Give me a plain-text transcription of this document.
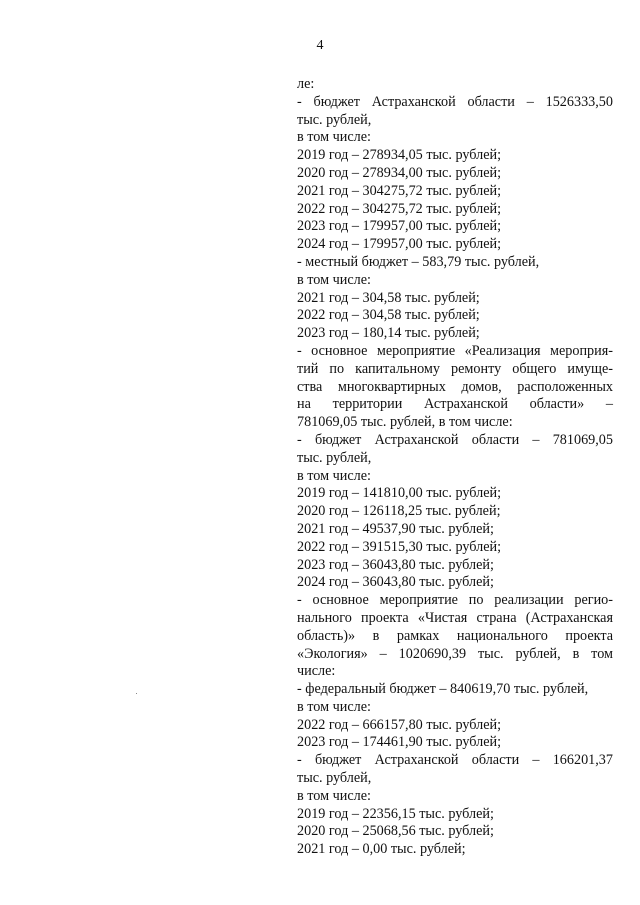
4
ле:
- бюджет Астраханской области – 1526333,50
тыс. рублей,
в том числе:
2019 год – 278934,05 тыс. рублей;
2020 год – 278934,00 тыс. рублей;
2021 год – 304275,72 тыс. рублей;
2022 год – 304275,72 тыс. рублей;
2023 год – 179957,00 тыс. рублей;
2024 год – 179957,00 тыс. рублей;
- местный бюджет – 583,79 тыс. рублей,
в том числе:
2021 год – 304,58 тыс. рублей;
2022 год – 304,58 тыс. рублей;
2023 год – 180,14 тыс. рублей;
- основное мероприятие «Реализация мероприя-
тий по капитальному ремонту общего имуще-
ства многоквартирных домов, расположенных
на территории Астраханской области» –
781069,05 тыс. рублей, в том числе:
- бюджет Астраханской области – 781069,05
тыс. рублей,
в том числе:
2019 год – 141810,00 тыс. рублей;
2020 год – 126118,25 тыс. рублей;
2021 год – 49537,90 тыс. рублей;
2022 год – 391515,30 тыс. рублей;
2023 год – 36043,80 тыс. рублей;
2024 год – 36043,80 тыс. рублей;
- основное мероприятие по реализации регио-
нального проекта «Чистая страна (Астраханская
область)» в рамках национального проекта
«Экология» – 1020690,39 тыс. рублей, в том
числе:
- федеральный бюджет – 840619,70 тыс. рублей,
в том числе:
2022 год – 666157,80 тыс. рублей;
2023 год – 174461,90 тыс. рублей;
- бюджет Астраханской области – 166201,37
тыс. рублей,
в том числе:
2019 год – 22356,15 тыс. рублей;
2020 год – 25068,56 тыс. рублей;
2021 год – 0,00 тыс. рублей;
